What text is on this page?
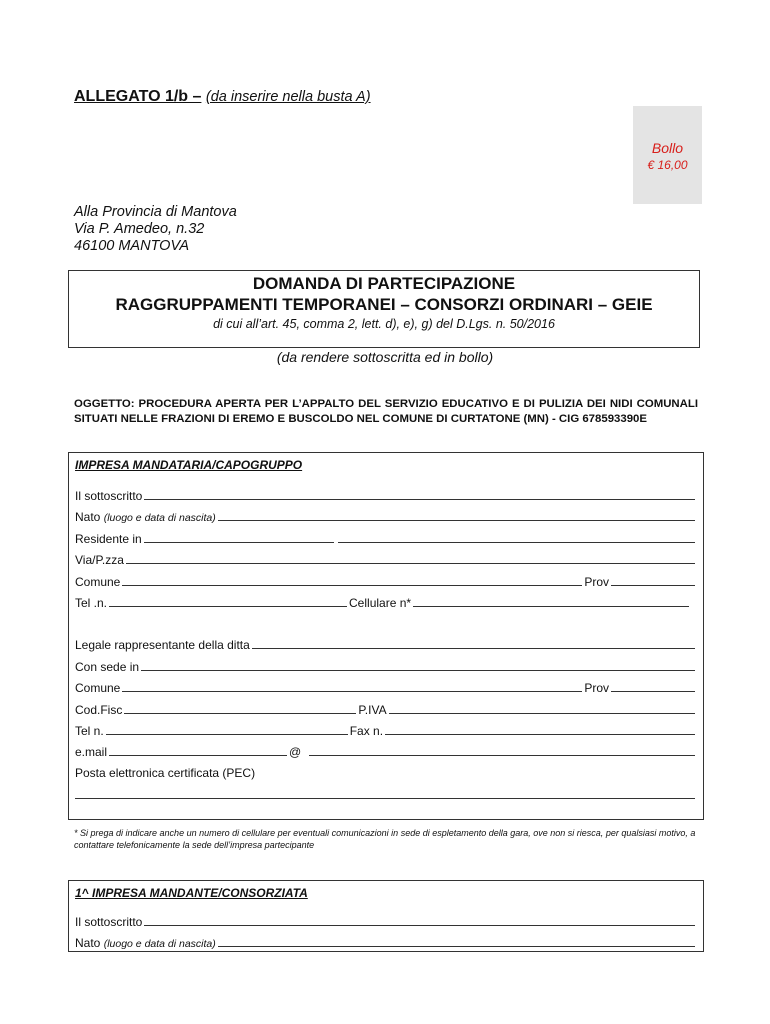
ALLEGATO 1/b – (da inserire nella busta A)
Bollo
€ 16,00
Alla Provincia di Mantova
Via P. Amedeo, n.32
46100 MANTOVA
DOMANDA DI PARTECIPAZIONE
RAGGRUPPAMENTI TEMPORANEI – CONSORZI ORDINARI – GEIE
di cui all’art. 45, comma 2, lett. d), e), g) del D.Lgs. n. 50/2016
(da rendere sottoscritta ed in bollo)
OGGETTO: PROCEDURA APERTA PER L’APPALTO DEL SERVIZIO EDUCATIVO E DI PULIZIA DEI NIDI COMUNALI SITUATI NELLE FRAZIONI DI EREMO E BUSCOLDO NEL COMUNE DI CURTATONE (MN) - CIG 678593390E
IMPRESA MANDATARIA/CAPOGRUPPO
Il sottoscritto
Nato (luogo e data di nascita)
Residente in
Via/P.zza
Comune	Prov
Tel .n.	Cellulare n*
Legale rappresentante della ditta
Con sede in
Comune	Prov
Cod.Fisc	P.IVA
Tel n.	Fax n.
e.mail	@
Posta elettronica certificata (PEC)
* Si prega di indicare anche un numero di cellulare per eventuali comunicazioni in sede di espletamento della gara, ove non si riesca, per qualsiasi motivo, a contattare telefonicamente la sede dell’impresa partecipante
1^ IMPRESA MANDANTE/CONSORZIATA
Il sottoscritto
Nato (luogo e data di nascita)
